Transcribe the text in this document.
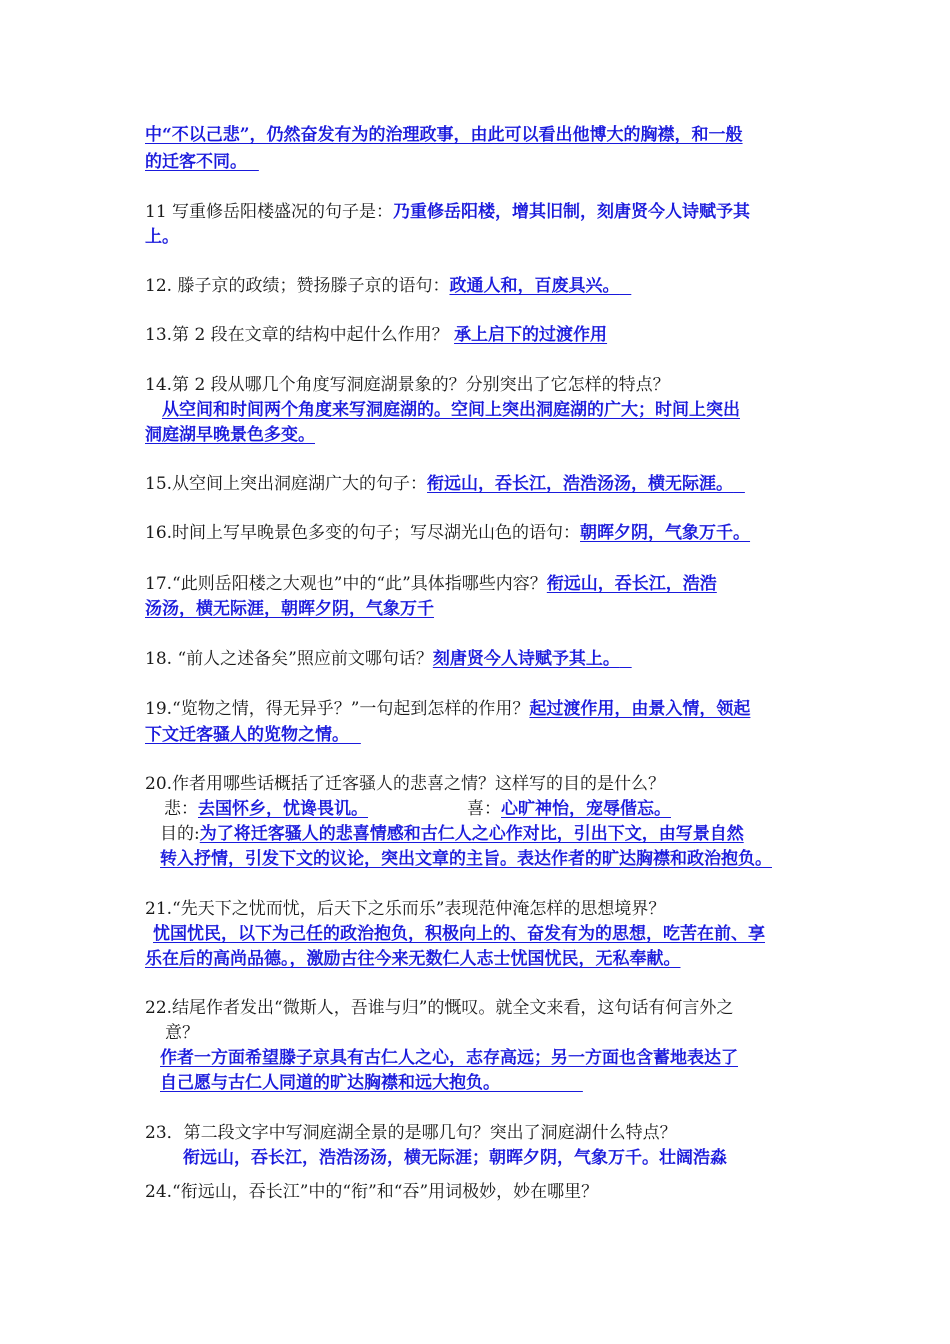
中“不以己悲”，仍然奋发有为的治理政事，由此可以看出他博大的胸襟，和一般
的迁客不同。
11 写重修岳阳楼盛况的句子是：乃重修岳阳楼，增其旧制，刻唐贤今人诗赋予其
上。
12. 滕子京的政绩；赞扬滕子京的语句：政通人和，百废具兴。
13.第 2 段在文章的结构中起什么作用？ 承上启下的过渡作用
14.第 2 段从哪几个角度写洞庭湖景象的？分别突出了它怎样的特点？
从空间和时间两个角度来写洞庭湖的。空间上突出洞庭湖的广大；时间上突出
洞庭湖早晚景色多变。
15.从空间上突出洞庭湖广大的句子：衔远山，吞长江，浩浩汤汤，横无际涯。
16.时间上写早晚景色多变的句子；写尽湖光山色的语句：朝晖夕阴，气象万千。
17.“此则岳阳楼之大观也”中的“此”具体指哪些内容？衔远山，吞长江，浩浩
汤汤，横无际涯，朝晖夕阴，气象万千
18. “前人之述备矣”照应前文哪句话？刻唐贤今人诗赋予其上。
19.“览物之情，得无异乎？”一句起到怎样的作用？起过渡作用，由景入情，领起
下文迁客骚人的览物之情。
20.作者用哪些话概括了迁客骚人的悲喜之情？这样写的目的是什么？
悲：去国怀乡，忧谗畏讥。	喜：心旷神怡，宠辱偕忘。
目的:为了将迁客骚人的悲喜情感和古仁人之心作对比，引出下文，由写景自然
转入抒情，引发下文的议论，突出文章的主旨。表达作者的旷达胸襟和政治抱负。
21.“先天下之忧而忧，后天下之乐而乐”表现范仲淹怎样的思想境界？
忧国忧民，以下为己任的政治抱负，积极向上的、奋发有为的思想，吃苦在前、享
乐在后的高尚品德。，激励古往今来无数仁人志士忧国忧民，无私奉献。
22.结尾作者发出“微斯人，吾谁与归”的慨叹。就全文来看，这句话有何言外之
意？
作者一方面希望滕子京具有古仁人之心，志存高远；另一方面也含蓄地表达了
自己愿与古仁人同道的旷达胸襟和远大抱负。
23．第二段文字中写洞庭湖全景的是哪几句？突出了洞庭湖什么特点？
衔远山，吞长江，浩浩汤汤，横无际涯；朝晖夕阴，气象万千。壮阔浩淼
24.“衔远山，吞长江”中的“衔”和“吞”用词极妙，妙在哪里？
